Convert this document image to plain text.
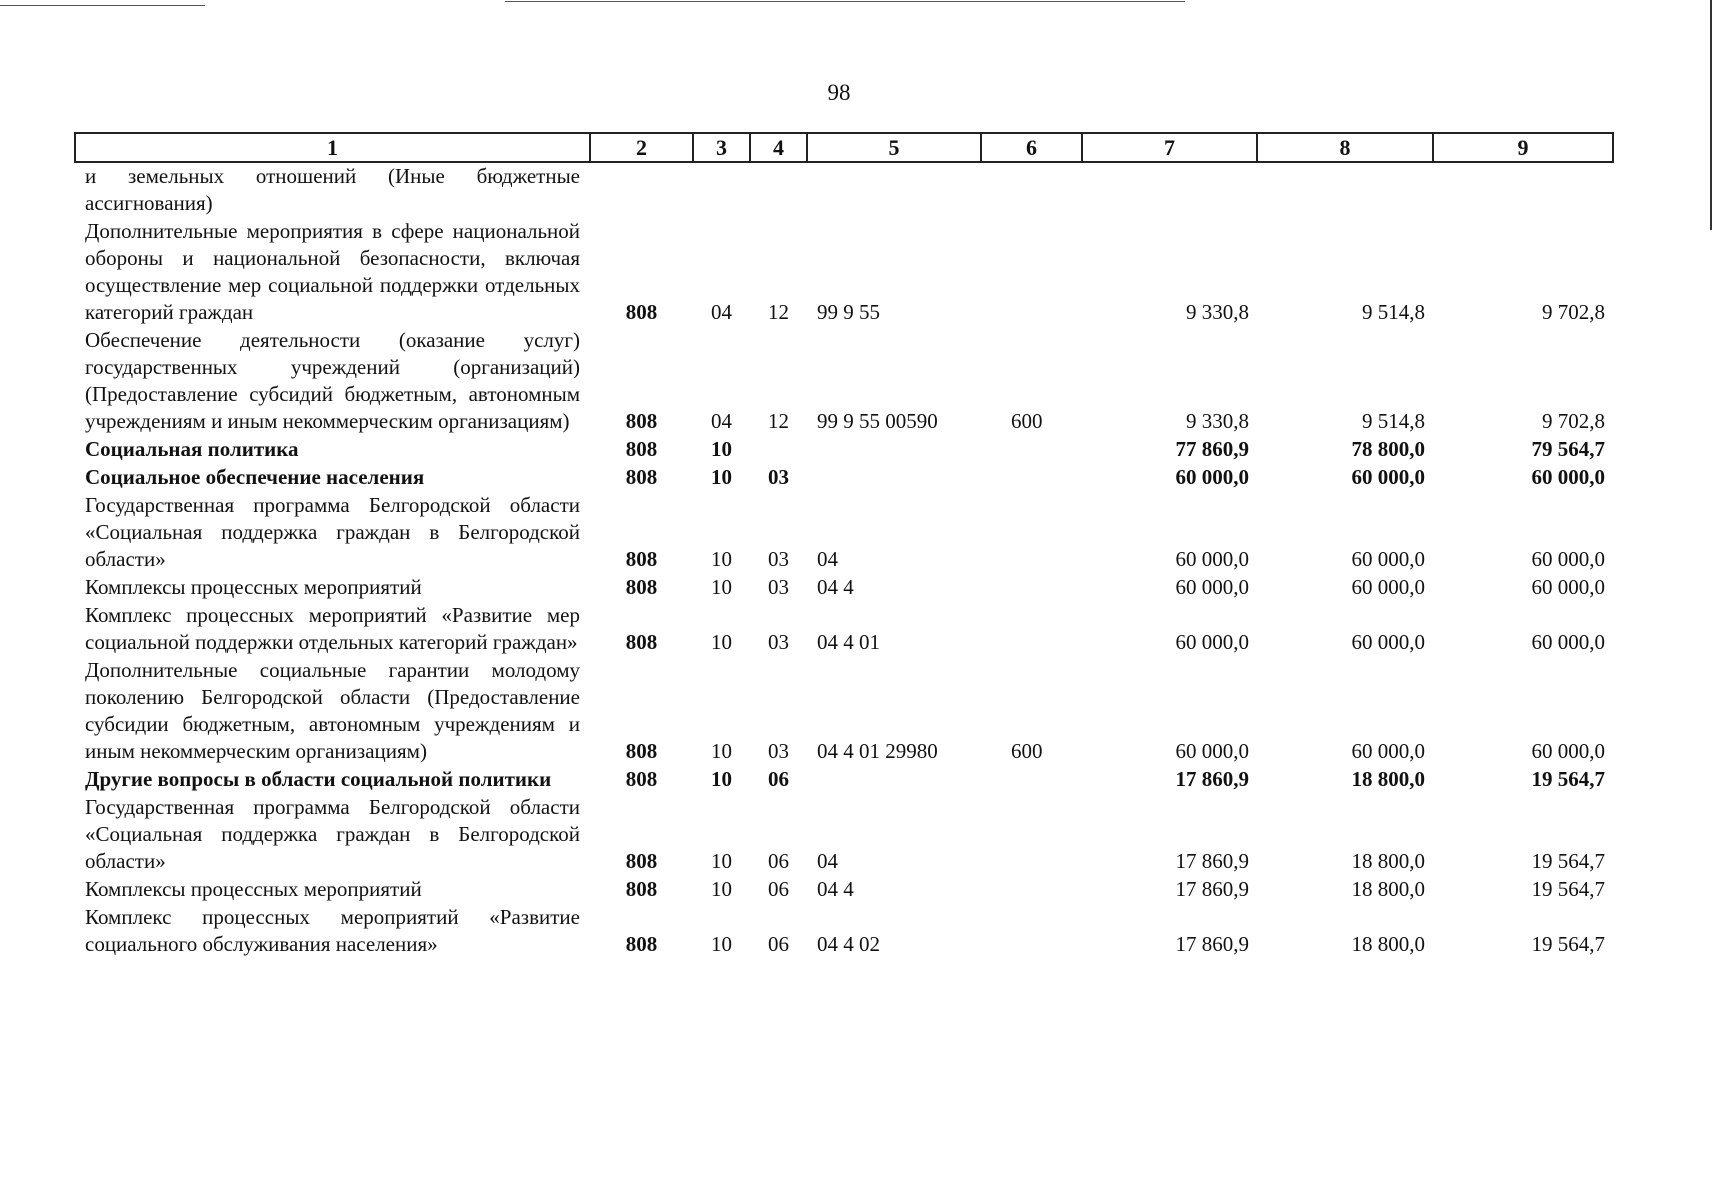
98
1	2	3	4	5	6	7	8	9
и земельных отношений (Иные бюджетные ассигнования)								
Дополнительные мероприятия в сфере национальной обороны и национальной безопасности, включая осуществление мер социальной поддержки отдельных категорий граждан	808	04	12	99 9 55		9 330,8	9 514,8	9 702,8
Обеспечение деятельности (оказание услуг) государственных учреждений (организаций) (Предоставление субсидий бюджетным, автономным учреждениям и иным некоммерческим организациям)	808	04	12	99 9 55 00590	600	9 330,8	9 514,8	9 702,8
Социальная политика	808	10				77 860,9	78 800,0	79 564,7
Социальное обеспечение населения	808	10	03			60 000,0	60 000,0	60 000,0
Государственная программа Белгородской области «Социальная поддержка граждан в Белгородской области»	808	10	03	04		60 000,0	60 000,0	60 000,0
Комплексы процессных мероприятий	808	10	03	04 4		60 000,0	60 000,0	60 000,0
Комплекс процессных мероприятий «Развитие мер социальной поддержки отдельных категорий граждан»	808	10	03	04 4 01		60 000,0	60 000,0	60 000,0
Дополнительные социальные гарантии молодому поколению Белгородской области (Предоставление субсидии бюджетным, автономным учреждениям и иным некоммерческим организациям)	808	10	03	04 4 01 29980	600	60 000,0	60 000,0	60 000,0
Другие вопросы в области социальной политики	808	10	06			17 860,9	18 800,0	19 564,7
Государственная программа Белгородской области «Социальная поддержка граждан в Белгородской области»	808	10	06	04		17 860,9	18 800,0	19 564,7
Комплексы процессных мероприятий	808	10	06	04 4		17 860,9	18 800,0	19 564,7
Комплекс процессных мероприятий «Развитие социального обслуживания населения»	808	10	06	04 4 02		17 860,9	18 800,0	19 564,7
